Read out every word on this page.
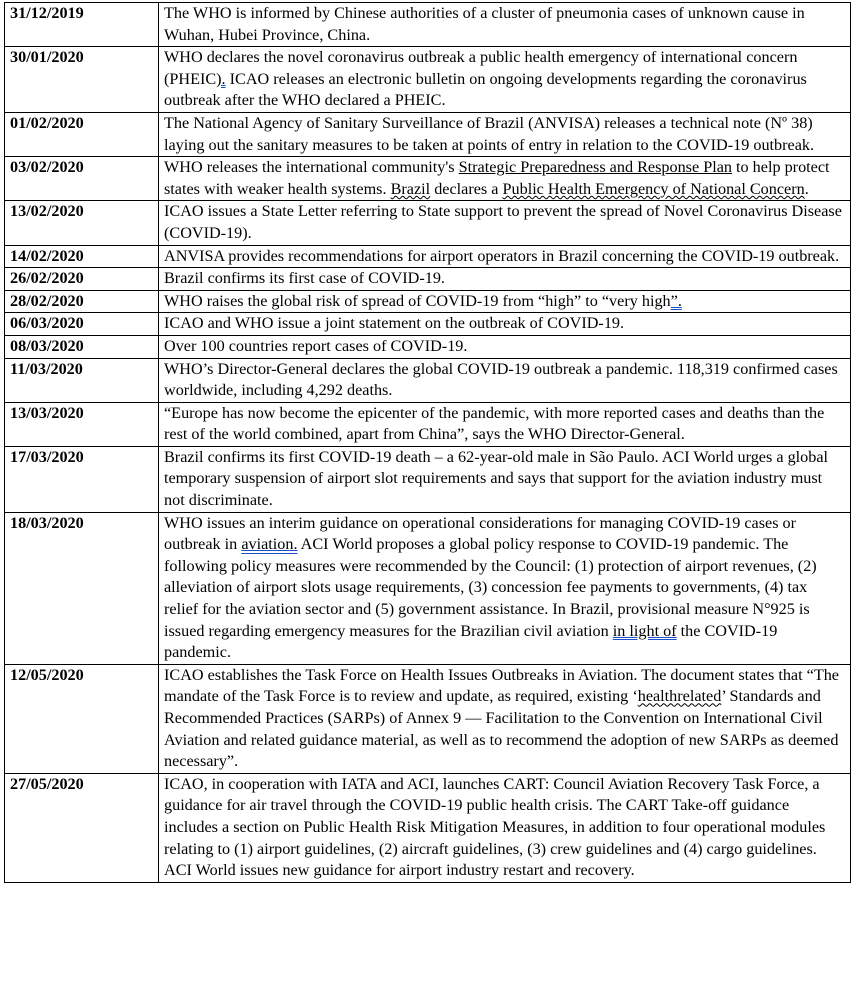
31/12/2019	The WHO is informed by Chinese authorities of a cluster of pneumonia cases of unknown cause in Wuhan, Hubei Province, China.
30/01/2020	WHO declares the novel coronavirus outbreak a public health emergency of international concern (PHEIC). ICAO releases an electronic bulletin on ongoing developments regarding the coronavirus outbreak after the WHO declared a PHEIC.
01/02/2020	The National Agency of Sanitary Surveillance of Brazil (ANVISA) releases a technical note (Nº 38) laying out the sanitary measures to be taken at points of entry in relation to the COVID-19 outbreak.
03/02/2020	WHO releases the international community's Strategic Preparedness and Response Plan to help protect states with weaker health systems. Brazil declares a Public Health Emergency of National Concern.
13/02/2020	ICAO issues a State Letter referring to State support to prevent the spread of Novel Coronavirus Disease (COVID-19).
14/02/2020	ANVISA provides recommendations for airport operators in Brazil concerning the COVID-19 outbreak.
26/02/2020	Brazil confirms its first case of COVID-19.
28/02/2020	WHO raises the global risk of spread of COVID-19 from “high” to “very high”.
06/03/2020	ICAO and WHO issue a joint statement on the outbreak of COVID-19.
08/03/2020	Over 100 countries report cases of COVID-19.
11/03/2020	WHO’s Director-General declares the global COVID-19 outbreak a pandemic. 118,319 confirmed cases worldwide, including 4,292 deaths.
13/03/2020	“Europe has now become the epicenter of the pandemic, with more reported cases and deaths than the rest of the world combined, apart from China”, says the WHO Director-General.
17/03/2020	Brazil confirms its first COVID-19 death – a 62-year-old male in São Paulo. ACI World urges a global temporary suspension of airport slot requirements and says that support for the aviation industry must not discriminate.
18/03/2020	WHO issues an interim guidance on operational considerations for managing COVID-19 cases or outbreak in aviation. ACI World proposes a global policy response to COVID-19 pandemic. The following policy measures were recommended by the Council: (1) protection of airport revenues, (2) alleviation of airport slots usage requirements, (3) concession fee payments to governments, (4) tax relief for the aviation sector and (5) government assistance. In Brazil, provisional measure N°925 is issued regarding emergency measures for the Brazilian civil aviation in light of the COVID-19 pandemic.
12/05/2020	ICAO establishes the Task Force on Health Issues Outbreaks in Aviation. The document states that “The mandate of the Task Force is to review and update, as required, existing ‘healthrelated’ Standards and Recommended Practices (SARPs) of Annex 9 — Facilitation to the Convention on International Civil Aviation and related guidance material, as well as to recommend the adoption of new SARPs as deemed necessary”.
27/05/2020	ICAO, in cooperation with IATA and ACI, launches CART: Council Aviation Recovery Task Force, a guidance for air travel through the COVID-19 public health crisis. The CART Take-off guidance includes a section on Public Health Risk Mitigation Measures, in addition to four operational modules relating to (1) airport guidelines, (2) aircraft guidelines, (3) crew guidelines and (4) cargo guidelines.
ACI World issues new guidance for airport industry restart and recovery.
